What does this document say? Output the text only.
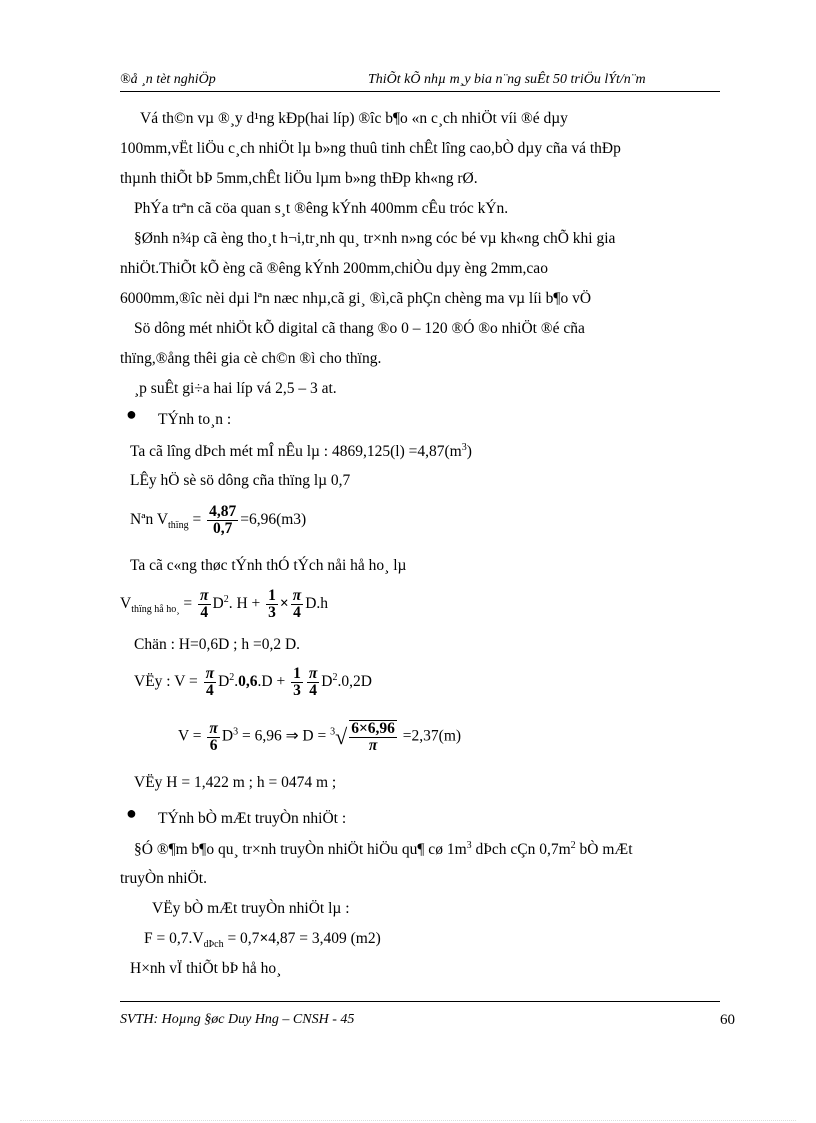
®å ¸n tèt nghiÖp	ThiÕt kÕ nhµ m¸y bia n¨ng suÊt 50 triÖu lÝt/n¨m
Vá th©n vµ ®¸y d¹ng kÐp(hai líp) ®îc b¶o «n c¸ch nhiÖt víi ®é dµy
100mm,vËt liÖu c¸ch nhiÖt lµ b»ng thuû tinh chÊt lîng cao,bÒ dµy cña vá thÐp
thµnh thiÕt bÞ 5mm,chÊt liÖu lµm b»ng thÐp kh«ng rØ.
PhÝa trªn cã cöa quan s¸t ®êng kÝnh 400mm cÊu tróc kÝn.
§Ønh n¾p cã èng tho¸t h¬i,tr¸nh qu¸ tr×nh n»ng cóc bé vµ kh«ng chÕ khi gia
nhiÖt.ThiÕt kÕ èng cã ®êng kÝnh 200mm,chiÒu dµy èng 2mm,cao
6000mm,®îc nèi dµi lªn næc nhµ,cã gi¸ ®ì,cã phÇn chèng ma vµ líi b¶o vÖ
Sö dông mét nhiÖt kÕ digital cã thang ®o 0 – 120 ®Ó ®o nhiÖt ®é cña
thïng,®ång thêi gia cè ch©n ®ì cho thïng.
¸p suÊt gi÷a hai líp vá 2,5 – 3 at.
● TÝnh to¸n :
Ta cã lîng dÞch mét mÎ nÊu lµ : $4869,125(l) =4,87(m^3)$
LÊy hÖ sè sö dông cña thïng lµ 0,7
Nªn $V_{thïng} = \frac{4,87}{0,7} =6,96(m3)$
Ta cã c«ng thøc tÝnh thÓ tÝch nåi hå ho¸ lµ
$V_{thïng hå ho¸} = \frac{\pi}{4} D^2$. $H + \frac{1}{3} \times \frac{\pi}{4} D.h$
Chän : H=0,6D ; h =0,2 D.
VËy : $V = \frac{\pi}{4} D^2.0,6.D + \frac{1}{3} \frac{\pi}{4} D^2.0,2D$
$V = \frac{\pi}{6} D^3 = 6,96$ ⇒ $D = ^3√ \frac{6\times 6,96}{\pi} =2,37(m)$
VËy H = 1,422 m ; h = 0474 m ;
● TÝnh bÒ mÆt truyÒn nhiÖt :
§Ó ®¶m b¶o qu¸ tr×nh truyÒn nhiÖt hiÖu qu¶ cø $1m^3$ dÞch cÇn $0,7m^2$ bÒ mÆt
truyÒn nhiÖt.
VËy bÒ mÆt truyÒn nhiÖt lµ :
$F = 0,7.V_{dÞch} = 0,7\times 4,87 = 3,409$ (m2)
H×nh vÏ thiÕt bÞ hå ho¸
SVTH: Hoµng §øc Duy Hng – CNSH - 45	60
